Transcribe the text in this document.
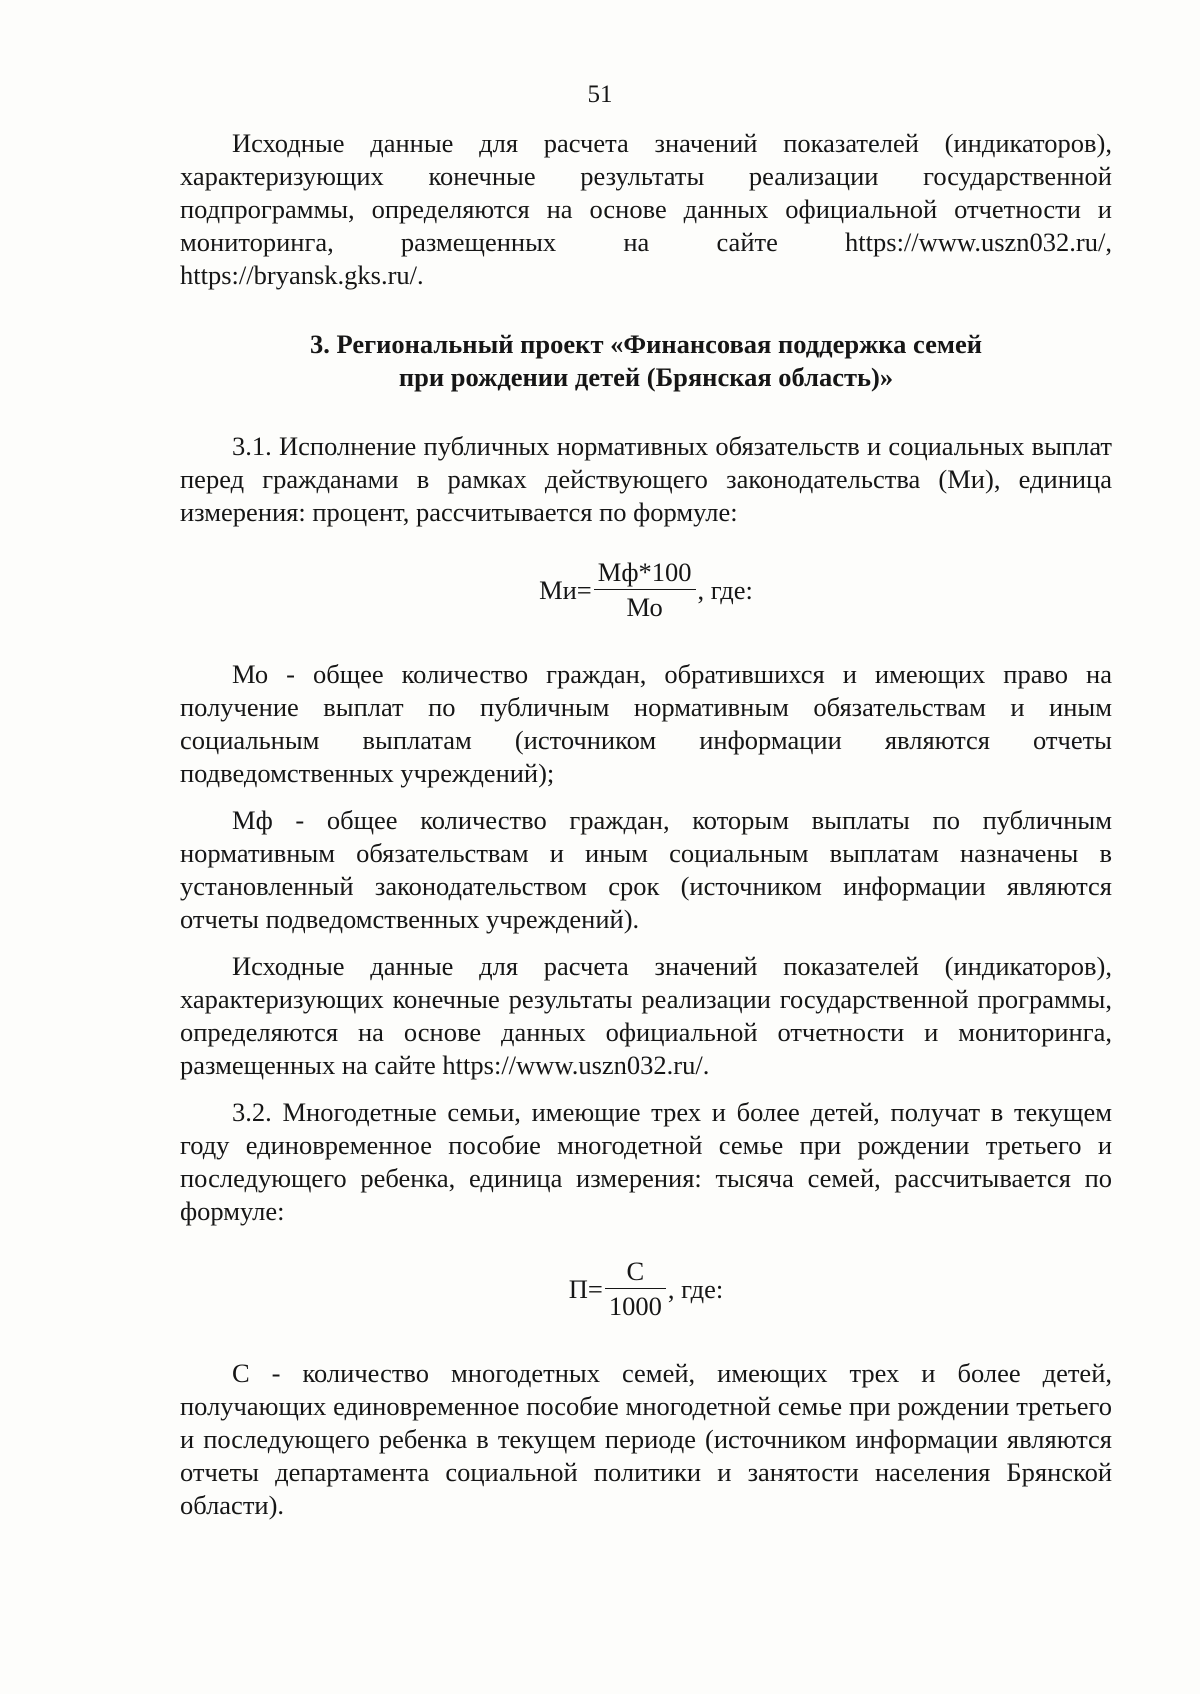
51

Исходные данные для расчета значений показателей (индикаторов), характеризующих конечные результаты реализации государственной подпрограммы, определяются на основе данных официальной отчетности и мониторинга, размещенных на сайте https://www.uszn032.ru/, https://bryansk.gks.ru/.

3. Региональный проект «Финансовая поддержка семей
при рождении детей (Брянская область)»

3.1. Исполнение публичных нормативных обязательств и социальных выплат перед гражданами в рамках действующего законодательства (Ми), единица измерения: процент, рассчитывается по формуле:

$Ми= \frac{Мф*100}{Мо}$ , где:

Мо - общее количество граждан, обратившихся и имеющих право на получение выплат по публичным нормативным обязательствам и иным социальным выплатам (источником информации являются отчеты подведомственных учреждений);

Мф - общее количество граждан, которым выплаты по публичным нормативным обязательствам и иным социальным выплатам назначены в установленный законодательством срок (источником информации являются отчеты подведомственных учреждений).

Исходные данные для расчета значений показателей (индикаторов), характеризующих конечные результаты реализации государственной программы, определяются на основе данных официальной отчетности и мониторинга, размещенных на сайте https://www.uszn032.ru/.

3.2. Многодетные семьи, имеющие трех и более детей, получат в текущем году единовременное пособие многодетной семье при рождении третьего и последующего ребенка, единица измерения: тысяча семей, рассчитывается по формуле:

$П= \frac{С}{1000}$ , где:

С - количество многодетных семей, имеющих трех и более детей, получающих единовременное пособие многодетной семье при рождении третьего и последующего ребенка в текущем периоде (источником информации являются отчеты департамента социальной политики и занятости населения Брянской области).
